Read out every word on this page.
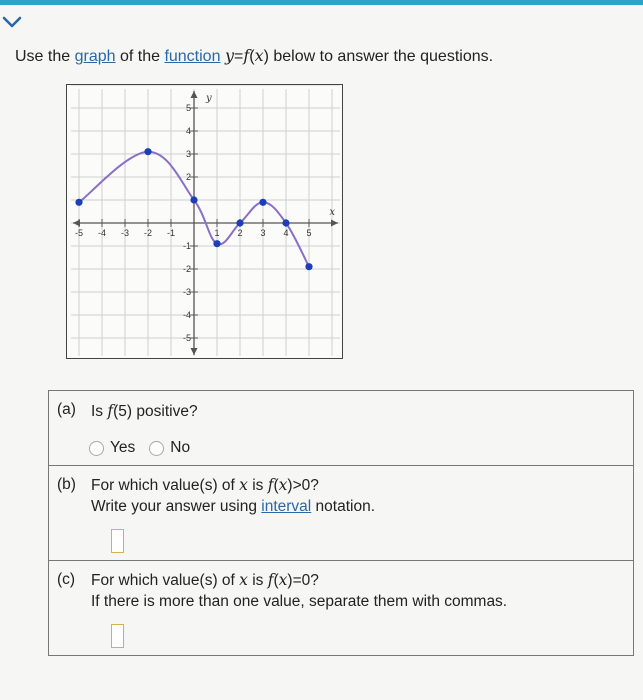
Use the graph of the function y=f(x) below to answer the questions.
-5 -4 -3 -2 -1	1 2 3 4 5
5
4
3
2
-1
-2
-3
-4
-5
x
y
(a) Is f(5) positive?
Yes No
(b) For which value(s) of x is f(x)>0?
Write your answer using interval notation.
(c) For which value(s) of x is f(x)=0?
If there is more than one value, separate them with commas.
